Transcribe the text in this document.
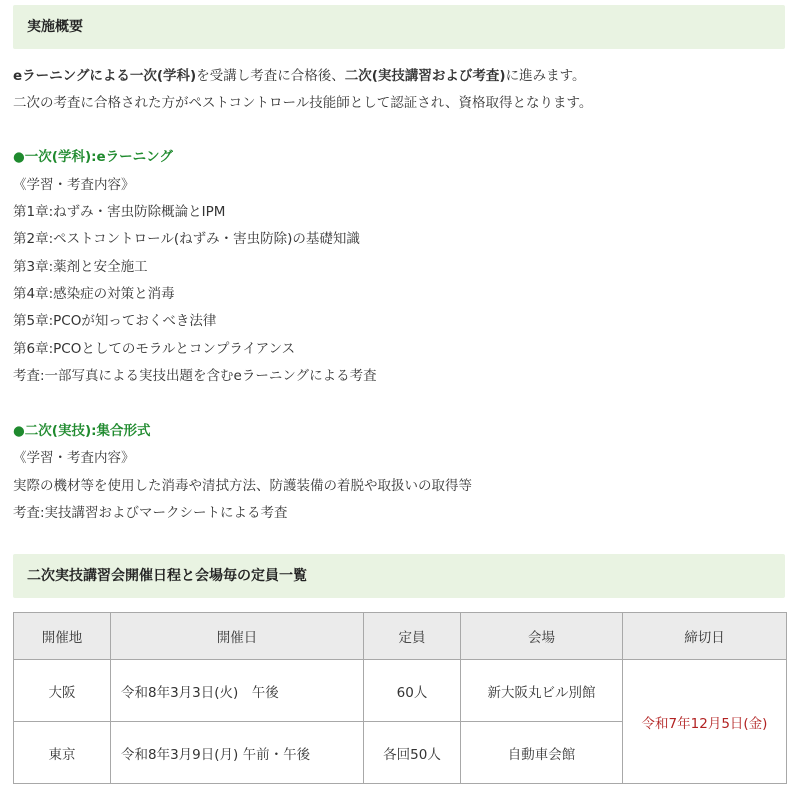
実施概要
eラーニングによる一次(学科)を受講し考査に合格後、二次(実技講習および考査)に進みます。
二次の考査に合格された方がペストコントロール技能師として認証され、資格取得となります。
●一次(学科):eラーニング
《学習・考査内容》
第1章:ねずみ・害虫防除概論とIPM
第2章:ペストコントロール(ねずみ・害虫防除)の基礎知識
第3章:薬剤と安全施工
第4章:感染症の対策と消毒
第5章:PCOが知っておくべき法律
第6章:PCOとしてのモラルとコンプライアンス
考査:一部写真による実技出題を含むeラーニングによる考査
●二次(実技):集合形式
《学習・考査内容》
実際の機材等を使用した消毒や清拭方法、防護装備の着脱や取扱いの取得等
考査:実技講習およびマークシートによる考査
二次実技講習会開催日程と会場毎の定員一覧
開催地	開催日	定員	会場	締切日
大阪	令和8年3月3日(火)　午後	60人	新大阪丸ビル別館	令和7年12月5日(金)
東京	令和8年3月9日(月) 午前・午後	各回50人	自動車会館	
